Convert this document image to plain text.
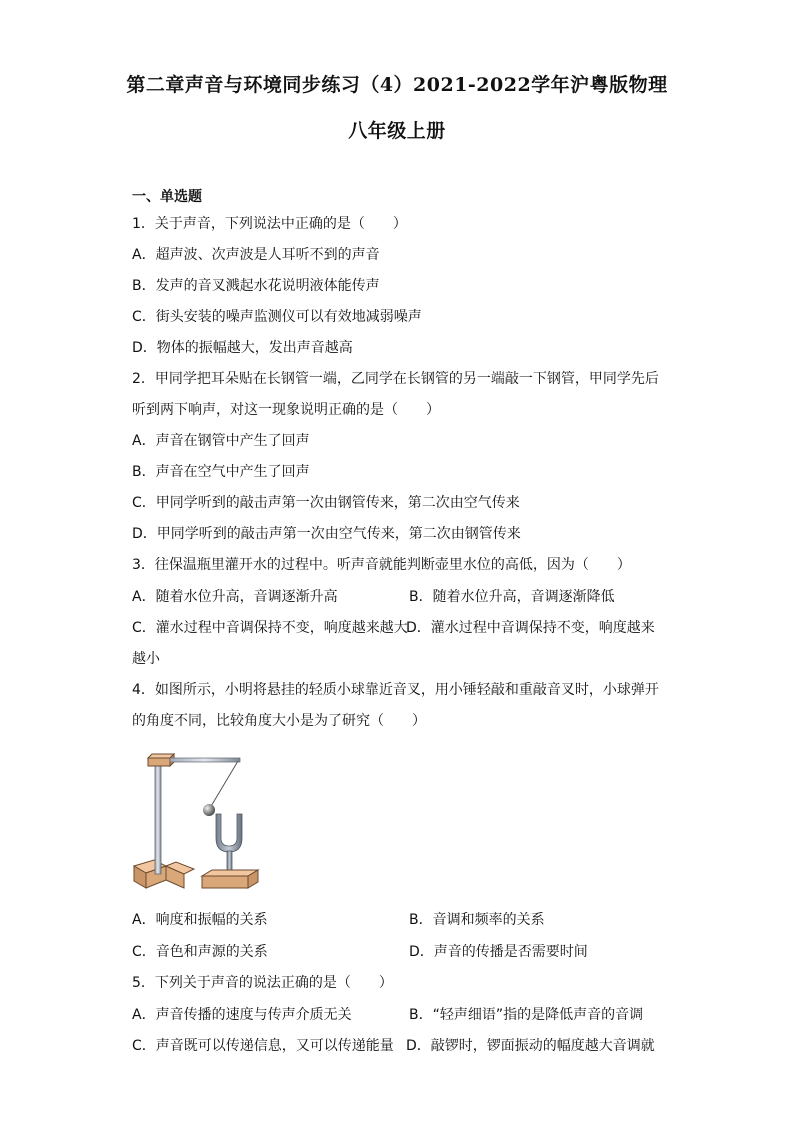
第二章声音与环境同步练习（4）2021-2022学年沪粤版物理
八年级上册
一、单选题
1．关于声音，下列说法中正确的是（　　）
A．超声波、次声波是人耳听不到的声音
B．发声的音叉溅起水花说明液体能传声
C．街头安装的噪声监测仪可以有效地减弱噪声
D．物体的振幅越大，发出声音越高
2．甲同学把耳朵贴在长钢管一端，乙同学在长钢管的另一端敲一下钢管，甲同学先后
听到两下响声，对这一现象说明正确的是（　　）
A．声音在钢管中产生了回声
B．声音在空气中产生了回声
C．甲同学听到的敲击声第一次由钢管传来，第二次由空气传来
D．甲同学听到的敲击声第一次由空气传来，第二次由钢管传来
3．往保温瓶里灌开水的过程中。听声音就能判断壶里水位的高低，因为（　　）
A．随着水位升高，音调逐渐升高	B．随着水位升高，音调逐渐降低
C．灌水过程中音调保持不变，响度越来越大
D．灌水过程中音调保持不变，响度越来
越小
4．如图所示，小明将悬挂的轻质小球靠近音叉，用小锤轻敲和重敲音叉时，小球弹开
的角度不同，比较角度大小是为了研究（　　）
A．响度和振幅的关系	B．音调和频率的关系
C．音色和声源的关系	D．声音的传播是否需要时间
5．下列关于声音的说法正确的是（　　）
A．声音传播的速度与传声介质无关	B．“轻声细语”指的是降低声音的音调
C．声音既可以传递信息，又可以传递能量 D．敲锣时，锣面振动的幅度越大音调就
